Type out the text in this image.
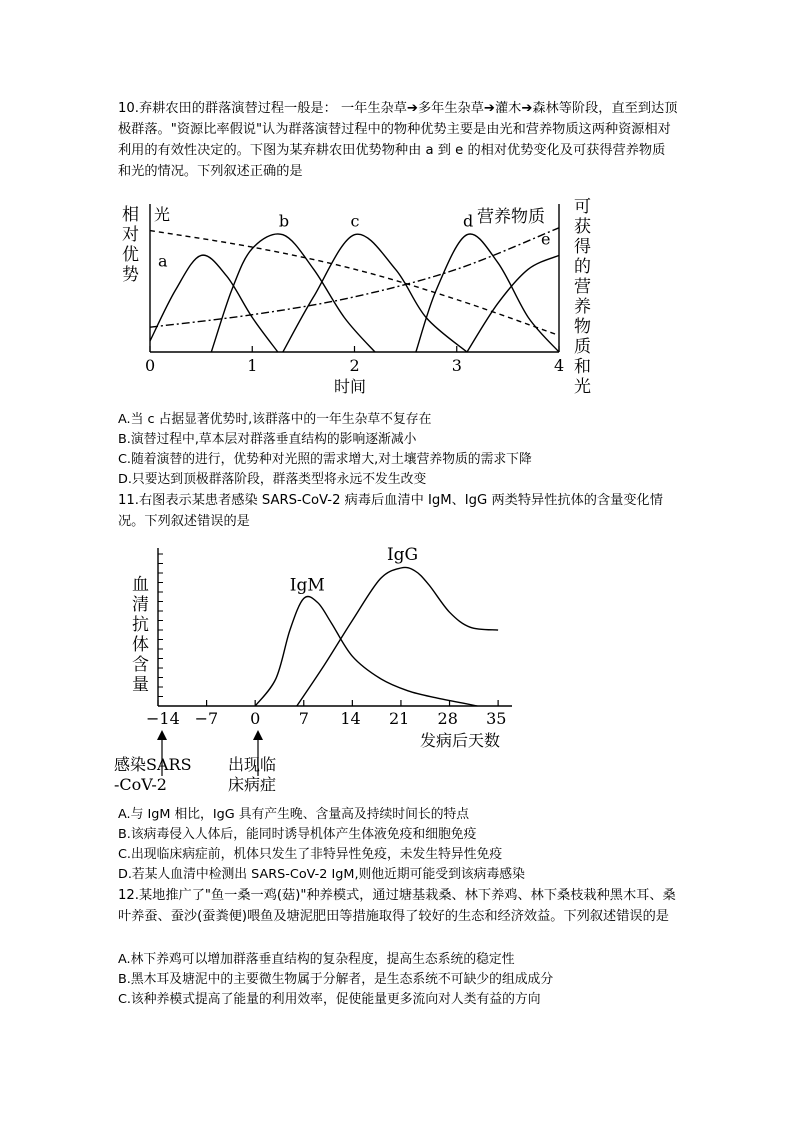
10.弃耕农田的群落演替过程一般是： 一年生杂草➔多年生杂草➔灌木➔森林等阶段，直至到达顶极群落。"资源比率假说"认为群落演替过程中的物种优势主要是由光和营养物质这两种资源相对利用的有效性决定的。下图为某弃耕农田优势物种由 a 到 e 的相对优势变化及可获得营养物质和光的情况。下列叙述正确的是
相
对
优
势
可
获
得
的
营
养
物
质
和
光
0	1	2	3	4
a
b	c	d
e
光	营养物质
时间
A.当 c 占据显著优势时,该群落中的一年生杂草不复存在
B.演替过程中,草本层对群落垂直结构的影响逐渐减小
C.随着演替的进行，优势种对光照的需求增大,对土壤营养物质的需求下降
D.只要达到顶极群落阶段，群落类型将永远不发生改变
11.右图表示某患者感染 SARS-CoV-2 病毒后血清中 IgM、IgG 两类特异性抗体的含量变化情况。下列叙述错误的是
血
清
抗
体
含
量
−14 −7 0 7 14 21 28 35
IgM
IgG
发病后天数
感染SARS
-CoV-2
出现临
床病症
A.与 IgM 相比，IgG 具有产生晚、含量高及持续时间长的特点
B.该病毒侵入人体后，能同时诱导机体产生体液免疫和细胞免疫
C.出现临床病症前，机体只发生了非特异性免疫，未发生特异性免疫
D.若某人血清中检测出 SARS-CoV-2 IgM,则他近期可能受到该病毒感染
12.某地推广了"鱼一桑一鸡(菇)"种养模式，通过塘基栽桑、林下养鸡、林下桑枝栽种黑木耳、桑叶养蚕、蚕沙(蚕粪便)喂鱼及塘泥肥田等措施取得了较好的生态和经济效益。下列叙述错误的是
A.林下养鸡可以增加群落垂直结构的复杂程度，提高生态系统的稳定性
B.黑木耳及塘泥中的主要微生物属于分解者，是生态系统不可缺少的组成成分
C.该种养模式提高了能量的利用效率，促使能量更多流向对人类有益的方向
